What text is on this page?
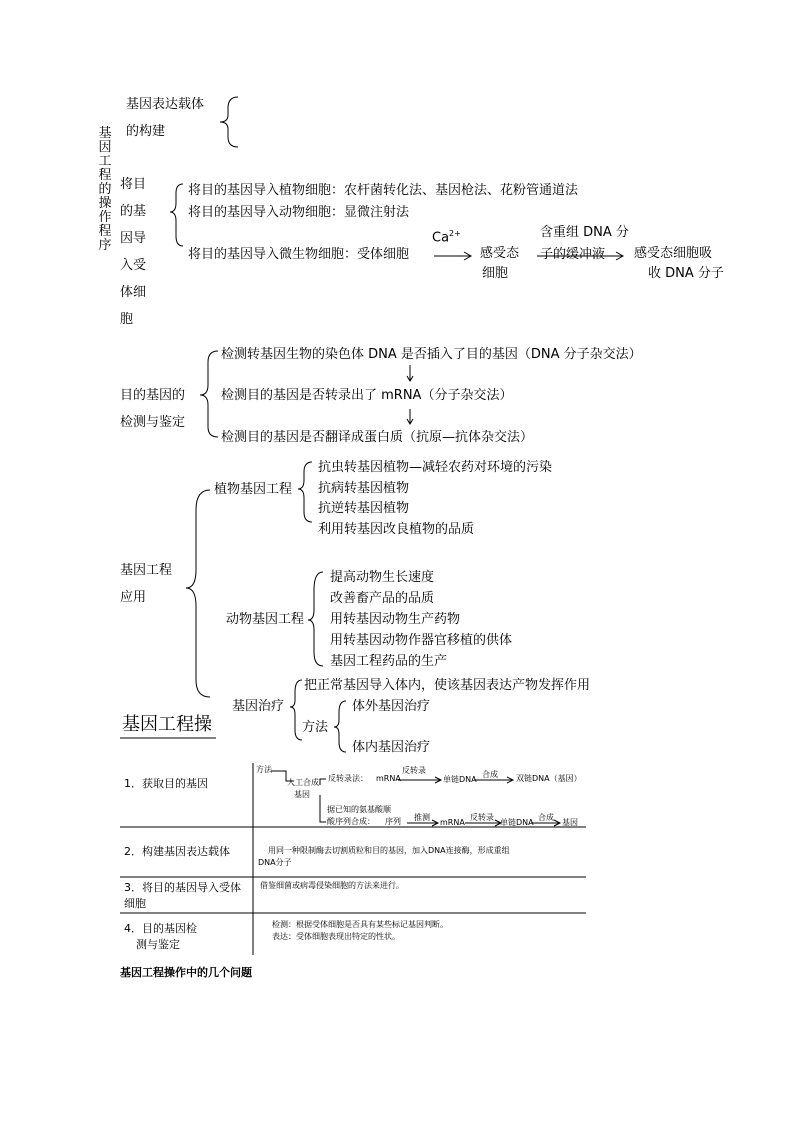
基因工程的操作程序
基因表达载体
的构建
将目
的基
因导
入受
体细
胞
将目的基因导入植物细胞：农杆菌转化法、基因枪法、花粉管通道法
将目的基因导入动物细胞：显微注射法
将目的基因导入微生物细胞：受体细胞
$Ca^{2+}$
感受态
细胞
含重组 DNA 分
子的缓冲液 感受态细胞吸
收 DNA 分子
目的基因的
检测与鉴定
检测转基因生物的染色体 DNA 是否插入了目的基因（DNA 分子杂交法）
检测目的基因是否转录出了 mRNA（分子杂交法）
检测目的基因是否翻译成蛋白质（抗原—抗体杂交法）
基因工程
应用
植物基因工程
抗虫转基因植物—减轻农药对环境的污染
抗病转基因植物
抗逆转基因植物
利用转基因改良植物的品质
动物基因工程
提高动物生长速度
改善畜产品的品质
用转基因动物生产药物
用转基因动物作器官移植的供体
基因工程药品的生产
基因治疗
把正常基因导入体内，使该基因表达产物发挥作用
方法
体外基因治疗
体内基因治疗
基因工程操
1．获取目的基因
方法
人工合成
基因
反转录法： mRNA
反转录
单链DNA
合成 双链DNA（基因）
据已知的氨基酸顺
酸序列合成： 序列 推测
mRNA
反转录
单链DNA
合成
基因
2．构建基因表达载体	用同一种限制酶去切割质粒和目的基因，加入DNA连接酶，形成重组
DNA分子
3．将目的基因导入受体
细胞
借鉴细菌或病毒侵染细胞的方法来进行。
4．目的基因检
测与鉴定
检测：根据受体细胞是否具有某些标记基因判断。
表达：受体细胞表现出特定的性状。
基因工程操作中的几个问题
